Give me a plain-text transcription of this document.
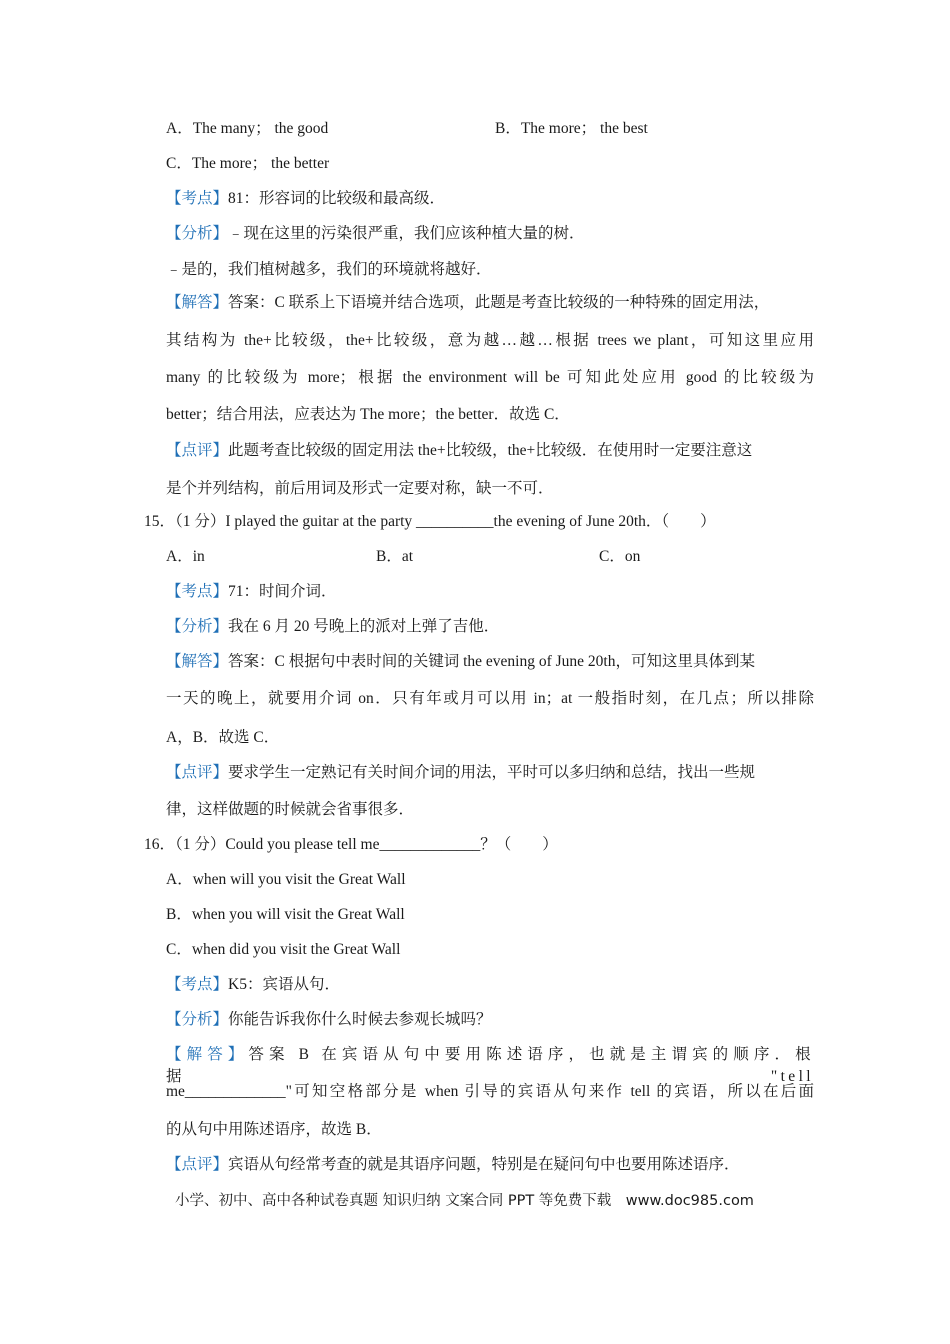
A．The many； the good	B．The more； the best
C．The more； the better
【考点】81：形容词的比较级和最高级．
【分析】﹣现在这里的污染很严重，我们应该种植大量的树．
﹣是的，我们植树越多，我们的环境就将越好．
【解答】答案：C 联系上下语境并结合选项，此题是考查比较级的一种特殊的固定用法，
其结构为 the+比较级，the+比较级，意为越…越…根据 trees we plant，可知这里应用
many 的比较级为 more；根据 the environment will be 可知此处应用 good 的比较级为
better；结合用法，应表达为 The more；the better．故选 C．
【点评】此题考查比较级的固定用法 the+比较级，the+比较级．在使用时一定要注意这
是个并列结构，前后用词及形式一定要对称，缺一不可．
15．（1 分）I played the guitar at the party __________the evening of June 20th．（　　）
A．in	B．at	C．on
【考点】71：时间介词．
【分析】我在 6 月 20 号晚上的派对上弹了吉他．
【解答】答案：C 根据句中表时间的关键词 the evening of June 20th，可知这里具体到某
一天的晚上，就要用介词 on．只有年或月可以用 in；at 一般指时刻，在几点；所以排除
A，B．故选 C．
【点评】要求学生一定熟记有关时间介词的用法，平时可以多归纳和总结，找出一些规
律，这样做题的时候就会省事很多．
16．（1 分）Could you please tell me_____________？（　　）
A．when will you visit the Great Wall
B．when you will visit the Great Wall
C．when did you visit the Great Wall
【考点】K5：宾语从句．
【分析】你能告诉我你什么时候去参观长城吗？
【解答】答案 B 在宾语从句中要用陈述语序，也就是主谓宾的顺序．根据"tell
me_____________"可知空格部分是 when 引导的宾语从句来作 tell 的宾语，所以在后面
的从句中用陈述语序，故选 B．
【点评】宾语从句经常考查的就是其语序问题，特别是在疑问句中也要用陈述语序．
小学、初中、高中各种试卷真题 知识归纳 文案合同 PPT 等免费下载　www.doc985.com
